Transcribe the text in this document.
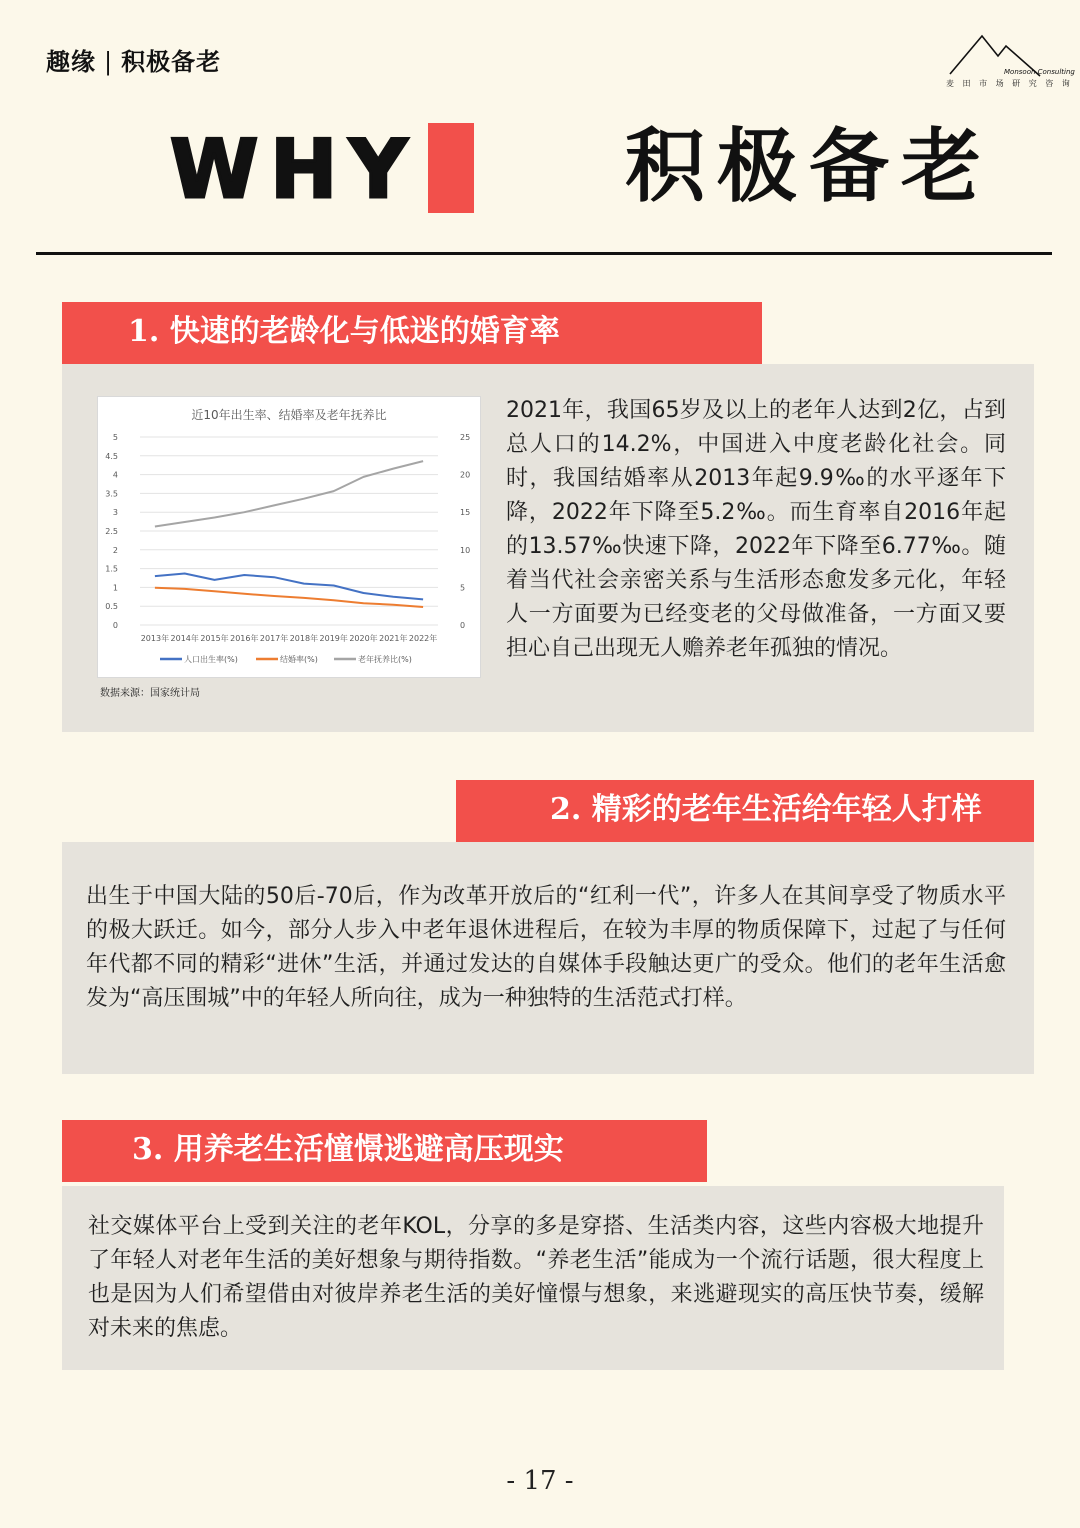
趣缘 | 积极备老	Monsoon Consulting
麦 田 市 场 研 究 咨 询
WHY	积极备老
1. 快速的老龄化与低迷的婚育率
近10年出生率、结婚率及老年抚养比
0
0.5
1
1.5
2
2.5
3
3.5
4
4.5
5
0
5
10
15
20
25
2013年 2014年 2015年 2016年 2017年 2018年 2019年 2020年 2021年 2022年
人口出生率(%)	结婚率(%)	老年抚养比(%)
数据来源：国家统计局
2021年，我国65岁及以上的老年人达到2亿，占到总人口的14.2%，中国进入中度老龄化社会。同时，我国结婚率从2013年起9.9‰的水平逐年下降，2022年下降至5.2‰。而生育率自2016年起的13.57‰快速下降，2022年下降至6.77‰。随着当代社会亲密关系与生活形态愈发多元化，年轻人一方面要为已经变老的父母做准备，一方面又要担心自己出现无人赡养老年孤独的情况。
2. 精彩的老年生活给年轻人打样
出生于中国大陆的50后-70后，作为改革开放后的“红利一代”，许多人在其间享受了物质水平的极大跃迁。如今，部分人步入中老年退休进程后，在较为丰厚的物质保障下，过起了与任何年代都不同的精彩“进休”生活，并通过发达的自媒体手段触达更广的受众。他们的老年生活愈发为“高压围城”中的年轻人所向往，成为一种独特的生活范式打样。
3. 用养老生活憧憬逃避高压现实
社交媒体平台上受到关注的老年KOL，分享的多是穿搭、生活类内容，这些内容极大地提升了年轻人对老年生活的美好想象与期待指数。“养老生活”能成为一个流行话题，很大程度上也是因为人们希望借由对彼岸养老生活的美好憧憬与想象，来逃避现实的高压快节奏，缓解对未来的焦虑。
- 17 -
